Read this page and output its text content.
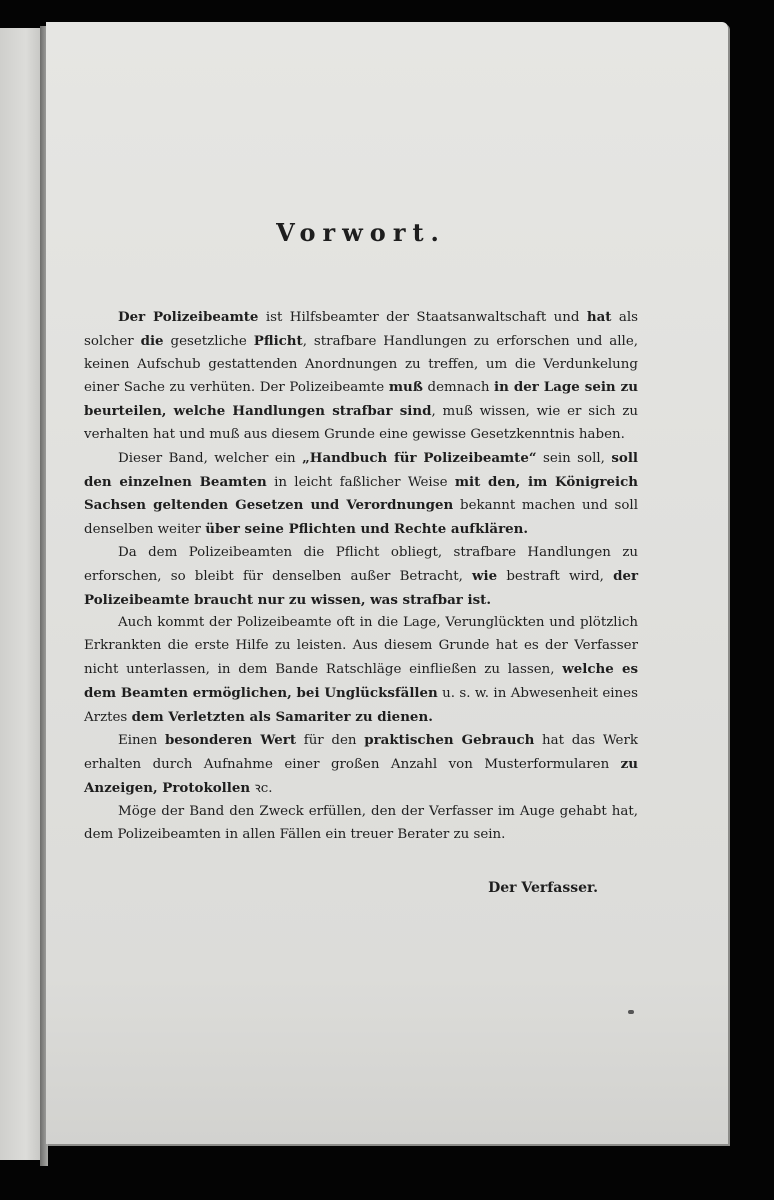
Vorwort.

Der Polizeibeamte ist Hilfsbeamter der Staatsanwaltschaft und hat als solcher die gesetzliche Pflicht, strafbare Handlungen zu erforschen und alle, keinen Aufschub gestattenden Anordnungen zu treffen, um die Verdunkelung einer Sache zu verhüten. Der Polizeibeamte muß demnach in der Lage sein zu beurteilen, welche Handlungen strafbar sind, muß wissen, wie er sich zu verhalten hat und muß aus diesem Grunde eine gewisse Gesetzkenntnis haben.

Dieser Band, welcher ein „Handbuch für Polizeibeamte“ sein soll, soll den einzelnen Beamten in leicht faßlicher Weise mit den, im Königreich Sachsen geltenden Gesetzen und Verordnungen bekannt machen und soll denselben weiter über seine Pflichten und Rechte aufklären.

Da dem Polizeibeamten die Pflicht obliegt, strafbare Handlungen zu erforschen, so bleibt für denselben außer Betracht, wie bestraft wird, der Polizeibeamte braucht nur zu wissen, was strafbar ist.

Auch kommt der Polizeibeamte oft in die Lage, Verunglückten und plötzlich Erkrankten die erste Hilfe zu leisten. Aus diesem Grunde hat es der Verfasser nicht unterlassen, in dem Bande Ratschläge einfließen zu lassen, welche es dem Beamten ermöglichen, bei Unglücksfällen u. s. w. in Abwesenheit eines Arztes dem Verletzten als Samariter zu dienen.

Einen besonderen Wert für den praktischen Gebrauch hat das Werk erhalten durch Aufnahme einer großen Anzahl von Musterformularen zu Anzeigen, Protokollen ꝛc.

Möge der Band den Zweck erfüllen, den der Verfasser im Auge gehabt hat, dem Polizeibeamten in allen Fällen ein treuer Berater zu sein.

Der Verfasser.
